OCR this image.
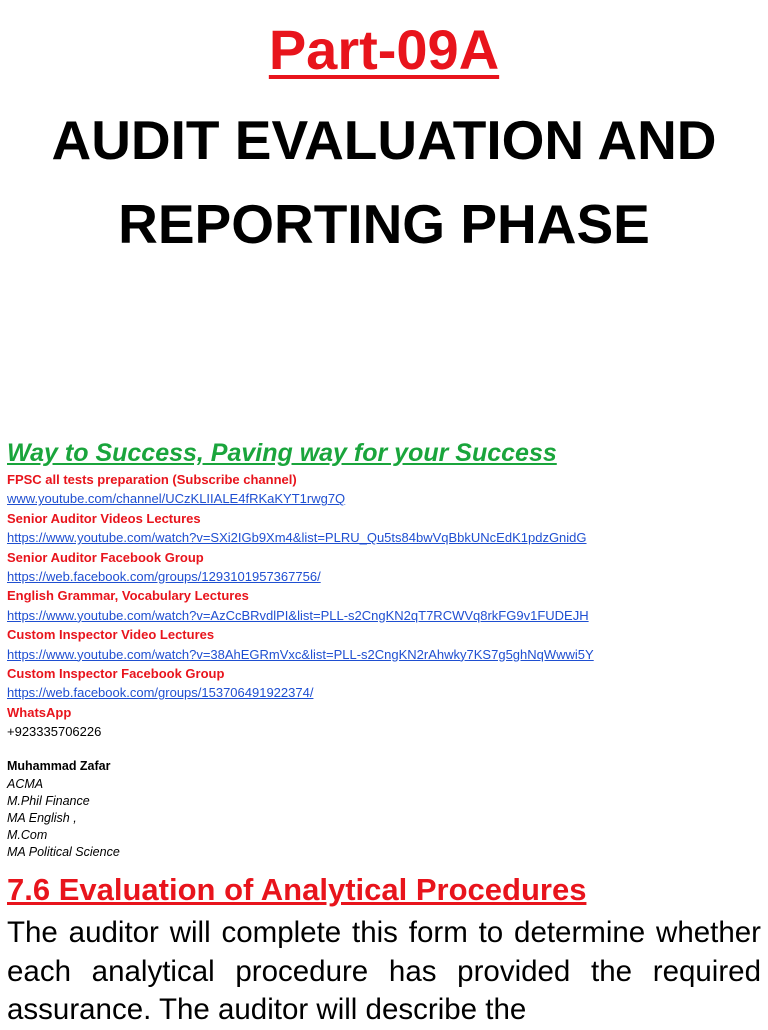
Part-09A
AUDIT EVALUATION AND
REPORTING PHASE
Way to Success, Paving way for your Success
FPSC all tests preparation (Subscribe channel)
www.youtube.com/channel/UCzKLIIALE4fRKaKYT1rwg7Q
Senior Auditor Videos Lectures
https://www.youtube.com/watch?v=SXi2IGb9Xm4&list=PLRU_Qu5ts84bwVqBbkUNcEdK1pdzGnidG
Senior Auditor Facebook Group
https://web.facebook.com/groups/1293101957367756/
English Grammar, Vocabulary Lectures
https://www.youtube.com/watch?v=AzCcBRvdlPI&list=PLL-s2CngKN2qT7RCWVq8rkFG9v1FUDEJH
Custom Inspector Video Lectures
https://www.youtube.com/watch?v=38AhEGRmVxc&list=PLL-s2CngKN2rAhwky7KS7g5ghNqWwwi5Y
Custom Inspector Facebook Group
https://web.facebook.com/groups/153706491922374/
WhatsApp
+923335706226
Muhammad Zafar
ACMA
M.Phil Finance
MA English ,
M.Com
MA Political Science
7.6 Evaluation of Analytical Procedures
The auditor will complete this form to determine whether each analytical procedure has provided the required assurance. The auditor will describe the
